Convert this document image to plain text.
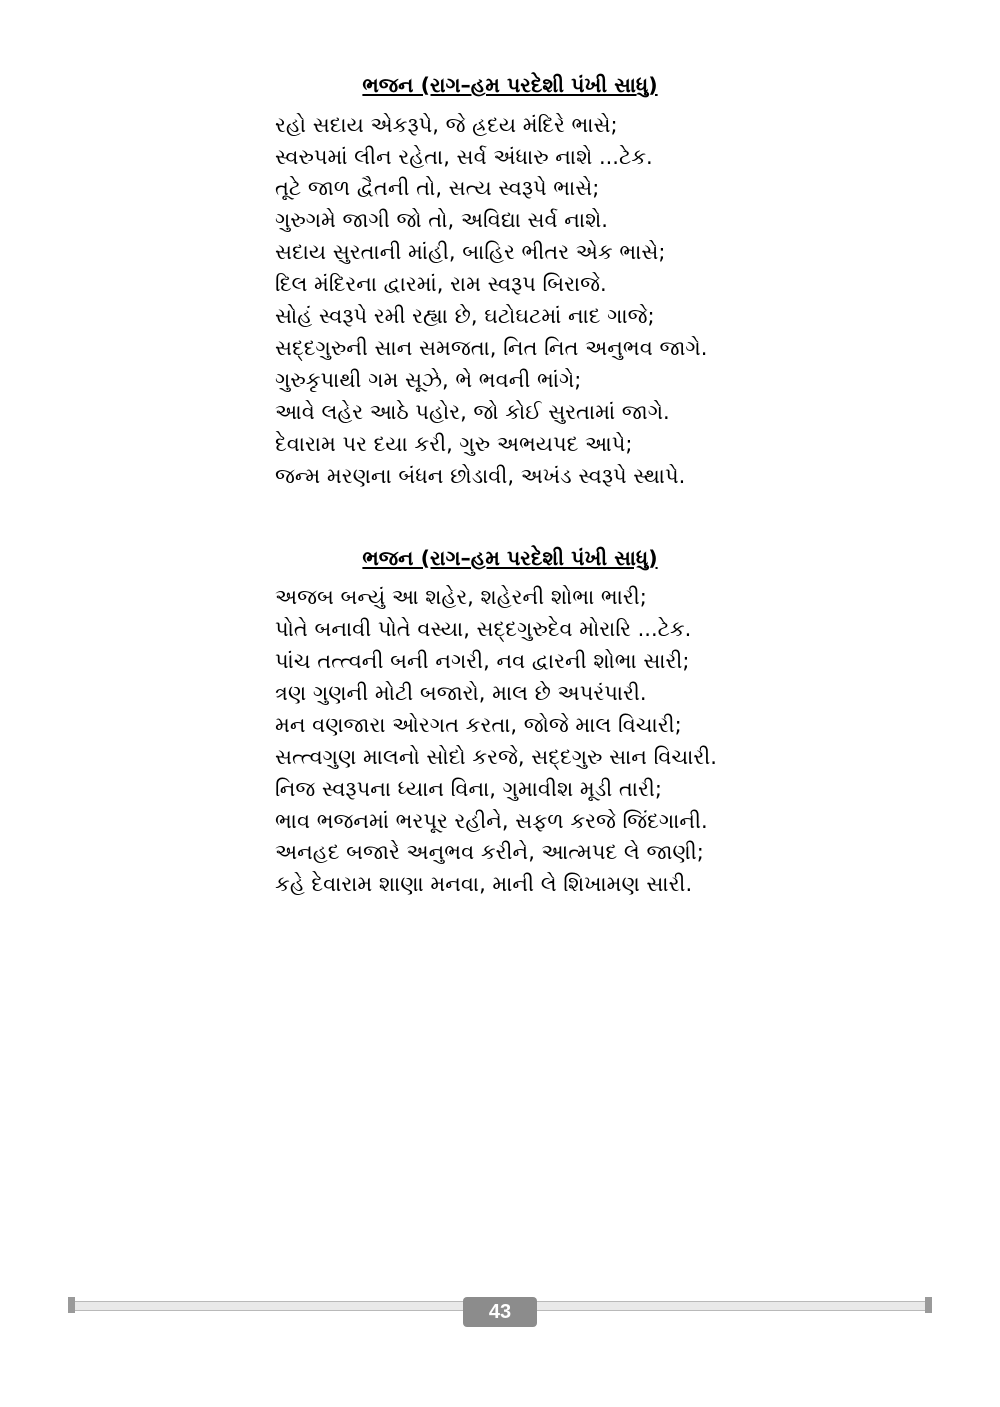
ભજન (રાગ–હમ પરદેશી પંખી સાધુ)
રહો સદાય એકરૂપે, જે હ્રદય મંદિરે ભાસે;
સ્વરુપમાં લીન રહેતા, સર્વ અંધારુ નાશે ...ટેક.
તૂટે જાળ દ્વૈતની તો, સત્ય સ્વરૂપે ભાસે;
ગુરુગમે જાગી જો તો, અવિદ્યા સર્વ નાશે.
સદાય સુરતાની માંહી, બાહિર ભીતર એક ભાસે;
દિલ મંદિરના દ્વારમાં, રામ સ્વરૂપ બિરાજે.
સોહં સ્વરૂપે રમી રહ્યા છે, ઘટોઘટમાં નાદ ગાજે;
સદ્દગુરુની સાન સમજતા, નિત નિત અનુભવ જાગે.
ગુરુકૃપાથી ગમ સૂઝે, ભે ભવની ભાંગે;
આવે લહેર આઠે પહોર, જો કોઈ સુરતામાં જાગે.
દેવારામ પર દયા કરી, ગુરુ અભયપદ આપે;
જન્મ મરણના બંધન છોડાવી, અખંડ સ્વરૂપે સ્થાપે.
ભજન (રાગ–હમ પરદેશી પંખી સાધુ)
અજબ બન્યું આ શહેર, શહેરની શોભા ભારી;
પોતે બનાવી પોતે વસ્યા, સદ્દગુરુદેવ મોરારિ ...ટેક.
પાંચ તત્ત્વની બની નગરી, નવ દ્વારની શોભા સારી;
ત્રણ ગુણની મોટી બજારો, માલ છે અપરંપારી.
મન વણજારા ઓરગત કરતા, જોજે માલ વિચારી;
સત્ત્વગુણ માલનો સોદો કરજે, સદ્દગુરુ સાન વિચારી.
નિજ સ્વરૂપના ધ્યાન વિના, ગુમાવીશ મૂડી તારી;
ભાવ ભજનમાં ભરપૂર રહીને, સફળ કરજે જિંદગાની.
અનહદ બજારે અનુભવ કરીને, આત્મપદ લે જાણી;
કહે દેવારામ શાણા મનવા, માની લે શિખામણ સારી.
43
